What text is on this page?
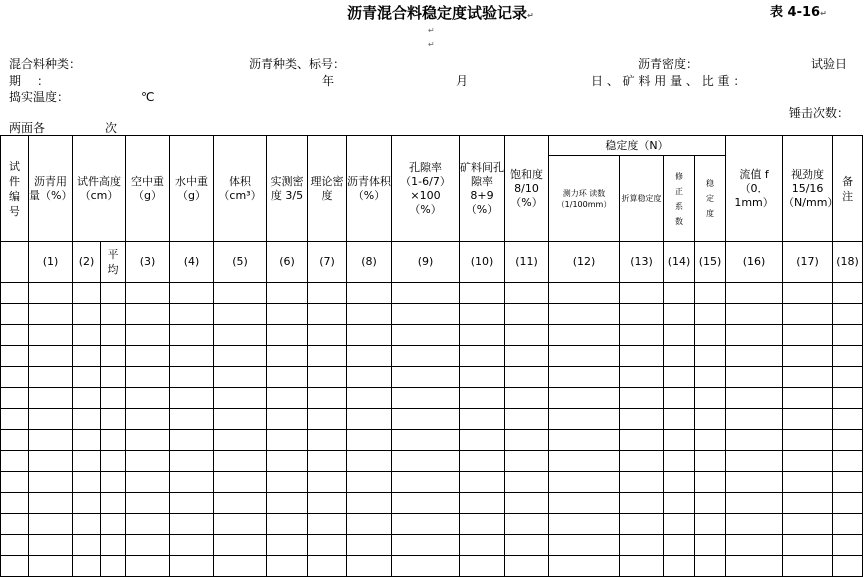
沥青混合料稳定度试验记录↵	表 4-16↵
↵
↵
混合料种类：	沥青种类、标号：	沥青密度：	试验日
期 ：	年	月	日 、 矿 料 用 量 、 比 重 ：
捣实温度：	℃
锤击次数：
两面各	次
试件编号	沥青用量（%）	试件高度（cm）		空中重（g）	水中重（g）	体积（cm³）	实测密度 3/5	理论密度	沥青体积（%）	孔隙率
（1-6/7）×100
（%）	矿料间孔隙率 8+9（%）	饱和度 8/10（%）	稳定度（N）				流值 f（0．1mm）	视劲度 15/16（N/mm）	备注
													测力环 读数（1/100mm）	折算稳定度	修正系数	稳定度			
	(1)	(2)	平均	(3)	(4)	(5)	(6)	(7)	(8)	(9)	(10)	(11)	(12)	(13)	(14)	(15)	(16)	(17)	(18)
